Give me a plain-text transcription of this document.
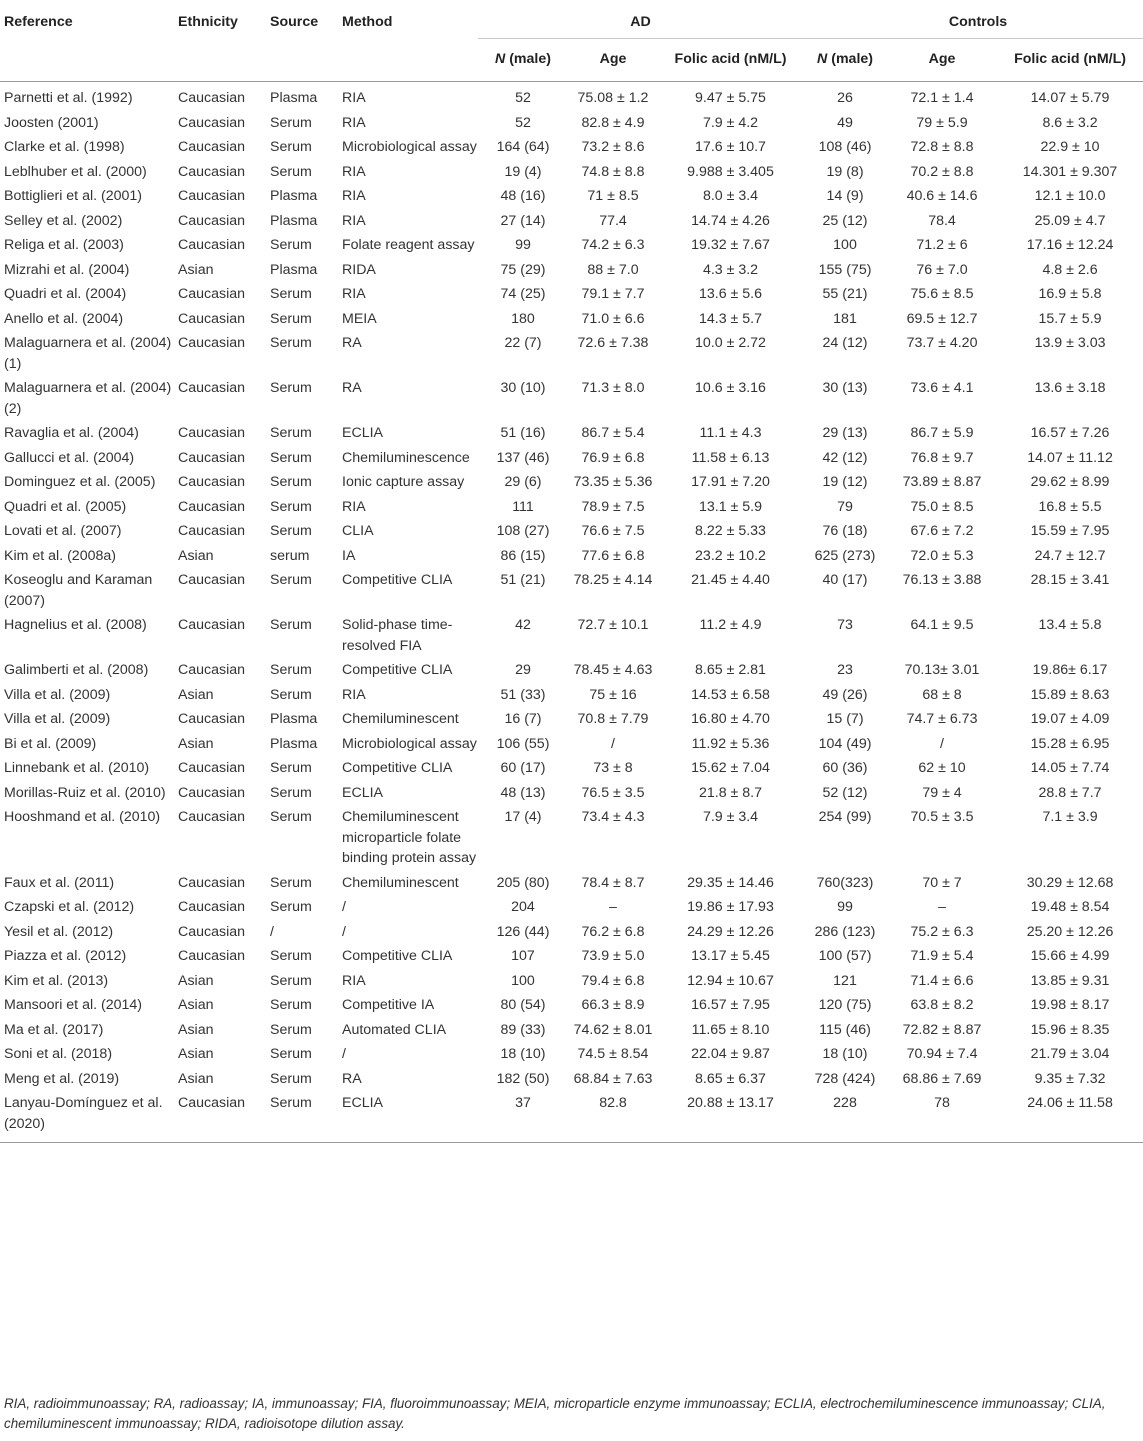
Reference	Ethnicity	Source	Method	AD			Controls		
				N (male)	Age	Folic acid (nM/L)	N (male)	Age	Folic acid (nM/L)
Parnetti et al. (1992)	Caucasian	Plasma	RIA	52	75.08 ± 1.2	9.47 ± 5.75	26	72.1 ± 1.4	14.07 ± 5.79
Joosten (2001)	Caucasian	Serum	RIA	52	82.8 ± 4.9	7.9 ± 4.2	49	79 ± 5.9	8.6 ± 3.2
Clarke et al. (1998)	Caucasian	Serum	Microbiological assay	164 (64)	73.2 ± 8.6	17.6 ± 10.7	108 (46)	72.8 ± 8.8	22.9 ± 10
Leblhuber et al. (2000)	Caucasian	Serum	RIA	19 (4)	74.8 ± 8.8	9.988 ± 3.405	19 (8)	70.2 ± 8.8	14.301 ± 9.307
Bottiglieri et al. (2001)	Caucasian	Plasma	RIA	48 (16)	71 ± 8.5	8.0 ± 3.4	14 (9)	40.6 ± 14.6	12.1 ± 10.0
Selley et al. (2002)	Caucasian	Plasma	RIA	27 (14)	77.4	14.74 ± 4.26	25 (12)	78.4	25.09 ± 4.7
Religa et al. (2003)	Caucasian	Serum	Folate reagent assay	99	74.2 ± 6.3	19.32 ± 7.67	100	71.2 ± 6	17.16 ± 12.24
Mizrahi et al. (2004)	Asian	Plasma	RIDA	75 (29)	88 ± 7.0	4.3 ± 3.2	155 (75)	76 ± 7.0	4.8 ± 2.6
Quadri et al. (2004)	Caucasian	Serum	RIA	74 (25)	79.1 ± 7.7	13.6 ± 5.6	55 (21)	75.6 ± 8.5	16.9 ± 5.8
Anello et al. (2004)	Caucasian	Serum	MEIA	180	71.0 ± 6.6	14.3 ± 5.7	181	69.5 ± 12.7	15.7 ± 5.9
Malaguarnera et al. (2004)(1)	Caucasian	Serum	RA	22 (7)	72.6 ± 7.38	10.0 ± 2.72	24 (12)	73.7 ± 4.20	13.9 ± 3.03
Malaguarnera et al. (2004)(2)	Caucasian	Serum	RA	30 (10)	71.3 ± 8.0	10.6 ± 3.16	30 (13)	73.6 ± 4.1	13.6 ± 3.18
Ravaglia et al. (2004)	Caucasian	Serum	ECLIA	51 (16)	86.7 ± 5.4	11.1 ± 4.3	29 (13)	86.7 ± 5.9	16.57 ± 7.26
Gallucci et al. (2004)	Caucasian	Serum	Chemiluminescence	137 (46)	76.9 ± 6.8	11.58 ± 6.13	42 (12)	76.8 ± 9.7	14.07 ± 11.12
Dominguez et al. (2005)	Caucasian	Serum	Ionic capture assay	29 (6)	73.35 ± 5.36	17.91 ± 7.20	19 (12)	73.89 ± 8.87	29.62 ± 8.99
Quadri et al. (2005)	Caucasian	Serum	RIA	111	78.9 ± 7.5	13.1 ± 5.9	79	75.0 ± 8.5	16.8 ± 5.5
Lovati et al. (2007)	Caucasian	Serum	CLIA	108 (27)	76.6 ± 7.5	8.22 ± 5.33	76 (18)	67.6 ± 7.2	15.59 ± 7.95
Kim et al. (2008a)	Asian	serum	IA	86 (15)	77.6 ± 6.8	23.2 ± 10.2	625 (273)	72.0 ± 5.3	24.7 ± 12.7
Koseoglu and Karaman (2007)	Caucasian	Serum	Competitive CLIA	51 (21)	78.25 ± 4.14	21.45 ± 4.40	40 (17)	76.13 ± 3.88	28.15 ± 3.41
Hagnelius et al. (2008)	Caucasian	Serum	Solid-phase time-resolved FIA	42	72.7 ± 10.1	11.2 ± 4.9	73	64.1 ± 9.5	13.4 ± 5.8
Galimberti et al. (2008)	Caucasian	Serum	Competitive CLIA	29	78.45 ± 4.63	8.65 ± 2.81	23	70.13± 3.01	19.86± 6.17
Villa et al. (2009)	Asian	Serum	RIA	51 (33)	75 ± 16	14.53 ± 6.58	49 (26)	68 ± 8	15.89 ± 8.63
Villa et al. (2009)	Caucasian	Plasma	Chemiluminescent	16 (7)	70.8 ± 7.79	16.80 ± 4.70	15 (7)	74.7 ± 6.73	19.07 ± 4.09
Bi et al. (2009)	Asian	Plasma	Microbiological assay	106 (55)	/	11.92 ± 5.36	104 (49)	/	15.28 ± 6.95
Linnebank et al. (2010)	Caucasian	Serum	Competitive CLIA	60 (17)	73 ± 8	15.62 ± 7.04	60 (36)	62 ± 10	14.05 ± 7.74
Morillas-Ruiz et al. (2010)	Caucasian	Serum	ECLIA	48 (13)	76.5 ± 3.5	21.8 ± 8.7	52 (12)	79 ± 4	28.8 ± 7.7
Hooshmand et al. (2010)	Caucasian	Serum	Chemiluminescent microparticle folate binding protein assay	17 (4)	73.4 ± 4.3	7.9 ± 3.4	254 (99)	70.5 ± 3.5	7.1 ± 3.9
Faux et al. (2011)	Caucasian	Serum	Chemiluminescent	205 (80)	78.4 ± 8.7	29.35 ± 14.46	760(323)	70 ± 7	30.29 ± 12.68
Czapski et al. (2012)	Caucasian	Serum	/	204	–	19.86 ± 17.93	99	–	19.48 ± 8.54
Yesil et al. (2012)	Caucasian	/	/	126 (44)	76.2 ± 6.8	24.29 ± 12.26	286 (123)	75.2 ± 6.3	25.20 ± 12.26
Piazza et al. (2012)	Caucasian	Serum	Competitive CLIA	107	73.9 ± 5.0	13.17 ± 5.45	100 (57)	71.9 ± 5.4	15.66 ± 4.99
Kim et al. (2013)	Asian	Serum	RIA	100	79.4 ± 6.8	12.94 ± 10.67	121	71.4 ± 6.6	13.85 ± 9.31
Mansoori et al. (2014)	Asian	Serum	Competitive IA	80 (54)	66.3 ± 8.9	16.57 ± 7.95	120 (75)	63.8 ± 8.2	19.98 ± 8.17
Ma et al. (2017)	Asian	Serum	Automated CLIA	89 (33)	74.62 ± 8.01	11.65 ± 8.10	115 (46)	72.82 ± 8.87	15.96 ± 8.35
Soni et al. (2018)	Asian	Serum	/	18 (10)	74.5 ± 8.54	22.04 ± 9.87	18 (10)	70.94 ± 7.4	21.79 ± 3.04
Meng et al. (2019)	Asian	Serum	RA	182 (50)	68.84 ± 7.63	8.65 ± 6.37	728 (424)	68.86 ± 7.69	9.35 ± 7.32
Lanyau-Domínguez et al. (2020)	Caucasian	Serum	ECLIA	37	82.8	20.88 ± 13.17	228	78	24.06 ± 11.58
RIA, radioimmunoassay; RA, radioassay; IA, immunoassay; FIA, fluoroimmunoassay; MEIA, microparticle enzyme immunoassay; ECLIA, electrochemiluminescence immunoassay; CLIA, chemiluminescent immunoassay; RIDA, radioisotope dilution assay.
